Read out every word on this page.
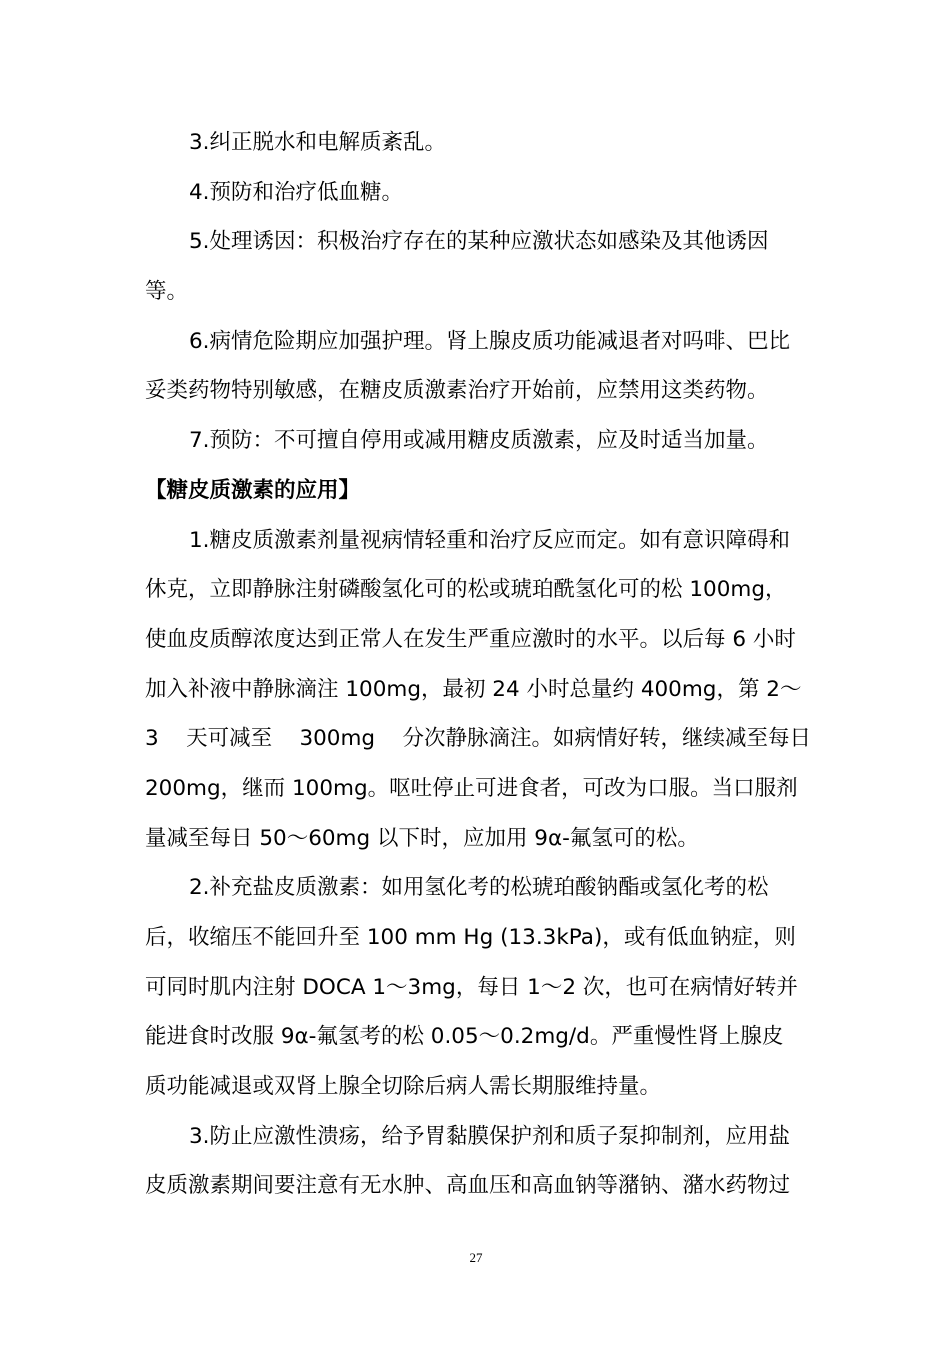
3.纠正脱水和电解质紊乱。
4.预防和治疗低血糖。
5.处理诱因：积极治疗存在的某种应激状态如感染及其他诱因
等。
6.病情危险期应加强护理。肾上腺皮质功能减退者对吗啡、巴比
妥类药物特别敏感，在糖皮质激素治疗开始前，应禁用这类药物。
7.预防：不可擅自停用或减用糖皮质激素，应及时适当加量。
【糖皮质激素的应用】
1.糖皮质激素剂量视病情轻重和治疗反应而定。如有意识障碍和
休克，立即静脉注射磷酸氢化可的松或琥珀酰氢化可的松 100mg，
使血皮质醇浓度达到正常人在发生严重应激时的水平。以后每 6 小时
加入补液中静脉滴注 100mg，最初 24 小时总量约 400mg，第 2～
3 天可减至 300mg 分次静脉滴注。如病情好转，继续减至每日
200mg，继而 100mg。呕吐停止可进食者，可改为口服。当口服剂
量减至每日 50～60mg 以下时，应加用 9α-氟氢可的松。
2.补充盐皮质激素：如用氢化考的松琥珀酸钠酯或氢化考的松
后，收缩压不能回升至 100 mm Hg (13.3kPa)，或有低血钠症，则
可同时肌内注射 DOCA 1～3mg，每日 1～2 次，也可在病情好转并
能进食时改服 9α-氟氢考的松 0.05～0.2mg/d。严重慢性肾上腺皮
质功能减退或双肾上腺全切除后病人需长期服维持量。
3.防止应激性溃疡，给予胃黏膜保护剂和质子泵抑制剂，应用盐
皮质激素期间要注意有无水肿、高血压和高血钠等潴钠、潴水药物过
27
